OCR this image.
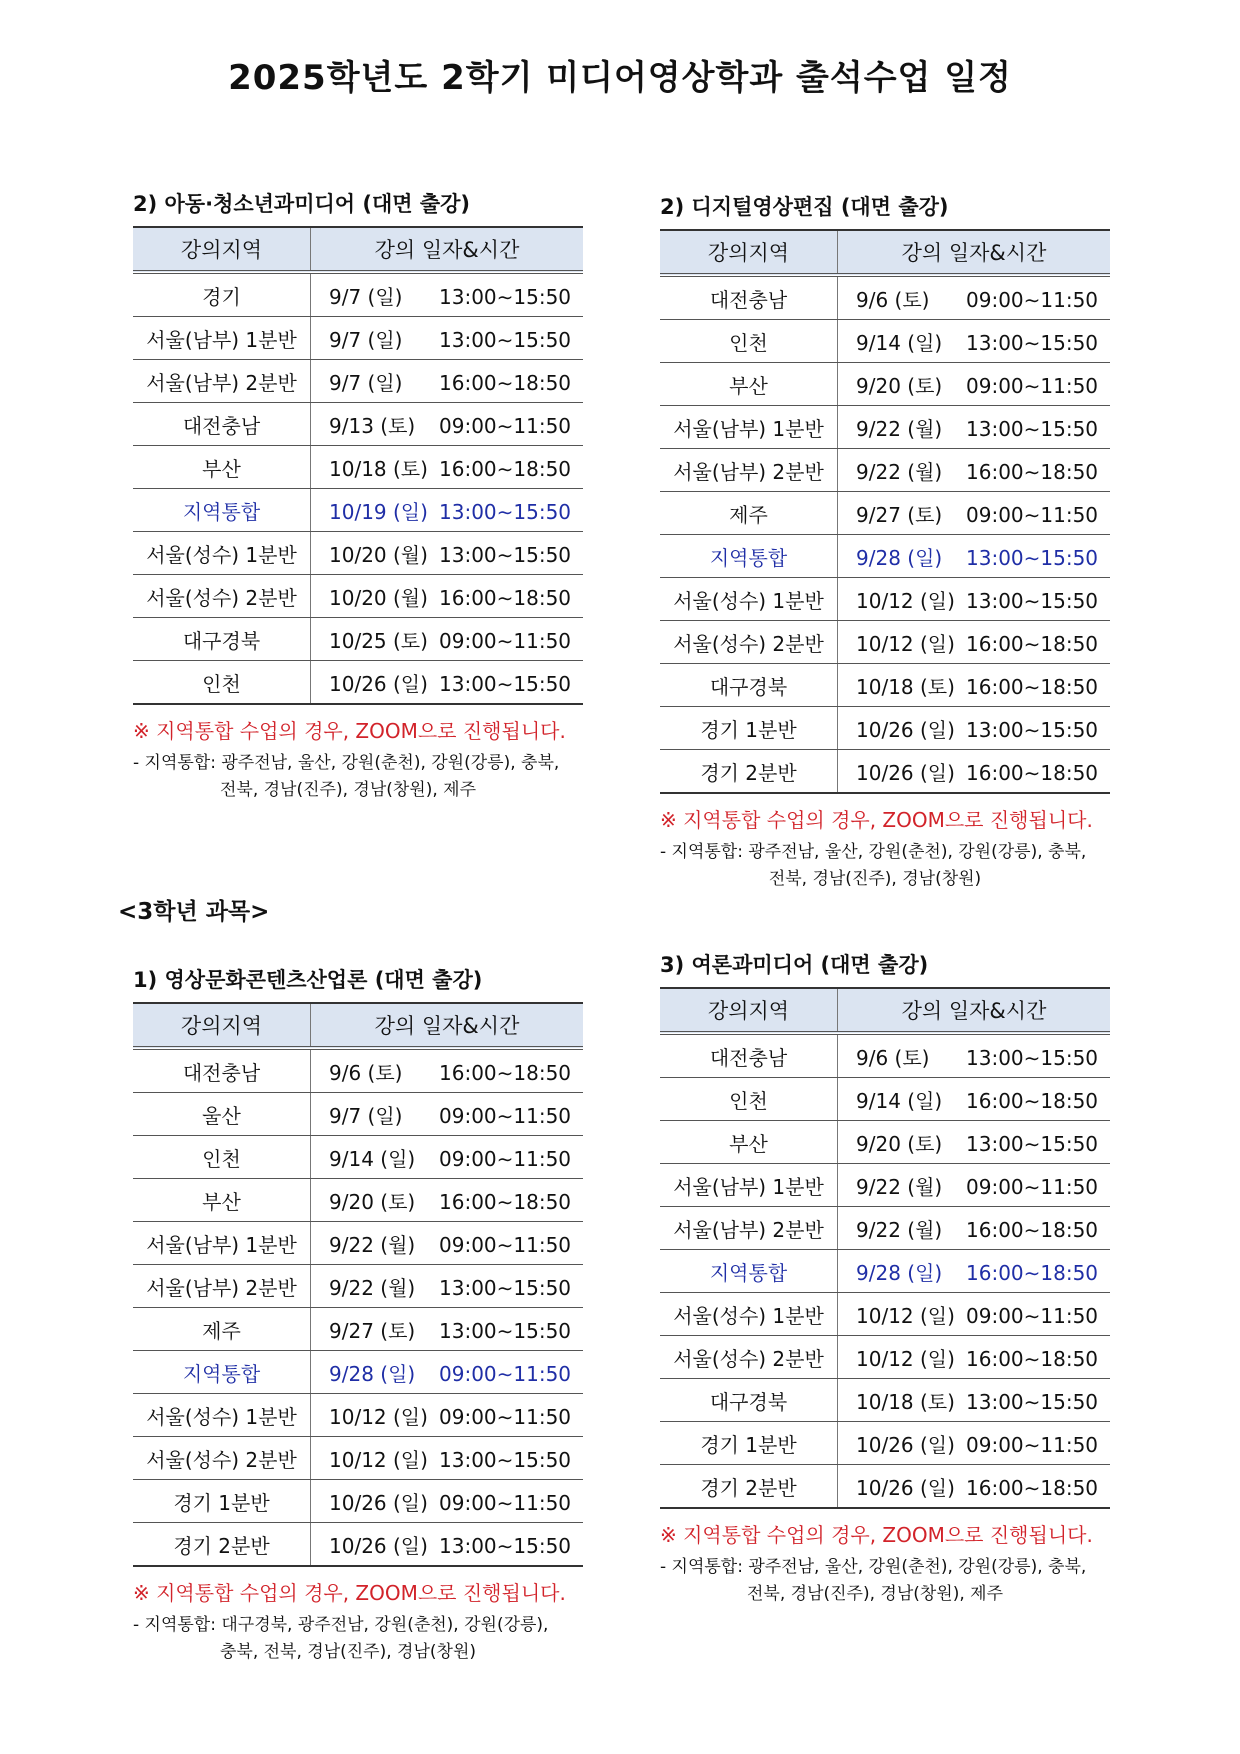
2025학년도 2학기 미디어영상학과 출석수업 일정
2) 아동·청소년과미디어 (대면 출강)
강의지역	강의 일자&시간
경기	9/7 (일) 13:00∼15:50
서울(남부) 1분반	9/7 (일) 13:00∼15:50
서울(남부) 2분반	9/7 (일) 16:00∼18:50
대전충남	9/13 (토) 09:00∼11:50
부산	10/18 (토) 16:00∼18:50
지역통합	10/19 (일) 13:00∼15:50
서울(성수) 1분반	10/20 (월) 13:00∼15:50
서울(성수) 2분반	10/20 (월) 16:00∼18:50
대구경북	10/25 (토) 09:00∼11:50
인천	10/26 (일) 13:00∼15:50
※ 지역통합 수업의 경우, ZOOM으로 진행됩니다.
- 지역통합: 광주전남, 울산, 강원(춘천), 강원(강릉), 충북,
전북, 경남(진주), 경남(창원), 제주
2) 디지털영상편집 (대면 출강)
강의지역	강의 일자&시간
대전충남	9/6 (토) 09:00∼11:50
인천	9/14 (일) 13:00∼15:50
부산	9/20 (토) 09:00∼11:50
서울(남부) 1분반	9/22 (월) 13:00∼15:50
서울(남부) 2분반	9/22 (월) 16:00∼18:50
제주	9/27 (토) 09:00∼11:50
지역통합	9/28 (일) 13:00∼15:50
서울(성수) 1분반	10/12 (일) 13:00∼15:50
서울(성수) 2분반	10/12 (일) 16:00∼18:50
대구경북	10/18 (토) 16:00∼18:50
경기 1분반	10/26 (일) 13:00∼15:50
경기 2분반	10/26 (일) 16:00∼18:50
※ 지역통합 수업의 경우, ZOOM으로 진행됩니다.
- 지역통합: 광주전남, 울산, 강원(춘천), 강원(강릉), 충북,
전북, 경남(진주), 경남(창원)
<3학년 과목>
1) 영상문화콘텐츠산업론 (대면 출강)
강의지역	강의 일자&시간
대전충남	9/6 (토) 16:00∼18:50
울산	9/7 (일) 09:00∼11:50
인천	9/14 (일) 09:00∼11:50
부산	9/20 (토) 16:00∼18:50
서울(남부) 1분반	9/22 (월) 09:00∼11:50
서울(남부) 2분반	9/22 (월) 13:00∼15:50
제주	9/27 (토) 13:00∼15:50
지역통합	9/28 (일) 09:00∼11:50
서울(성수) 1분반	10/12 (일) 09:00∼11:50
서울(성수) 2분반	10/12 (일) 13:00∼15:50
경기 1분반	10/26 (일) 09:00∼11:50
경기 2분반	10/26 (일) 13:00∼15:50
※ 지역통합 수업의 경우, ZOOM으로 진행됩니다.
- 지역통합: 대구경북, 광주전남, 강원(춘천), 강원(강릉),
충북, 전북, 경남(진주), 경남(창원)
3) 여론과미디어 (대면 출강)
강의지역	강의 일자&시간
대전충남	9/6 (토) 13:00∼15:50
인천	9/14 (일) 16:00∼18:50
부산	9/20 (토) 13:00∼15:50
서울(남부) 1분반	9/22 (월) 09:00∼11:50
서울(남부) 2분반	9/22 (월) 16:00∼18:50
지역통합	9/28 (일) 16:00∼18:50
서울(성수) 1분반	10/12 (일) 09:00∼11:50
서울(성수) 2분반	10/12 (일) 16:00∼18:50
대구경북	10/18 (토) 13:00∼15:50
경기 1분반	10/26 (일) 09:00∼11:50
경기 2분반	10/26 (일) 16:00∼18:50
※ 지역통합 수업의 경우, ZOOM으로 진행됩니다.
- 지역통합: 광주전남, 울산, 강원(춘천), 강원(강릉), 충북,
전북, 경남(진주), 경남(창원), 제주
